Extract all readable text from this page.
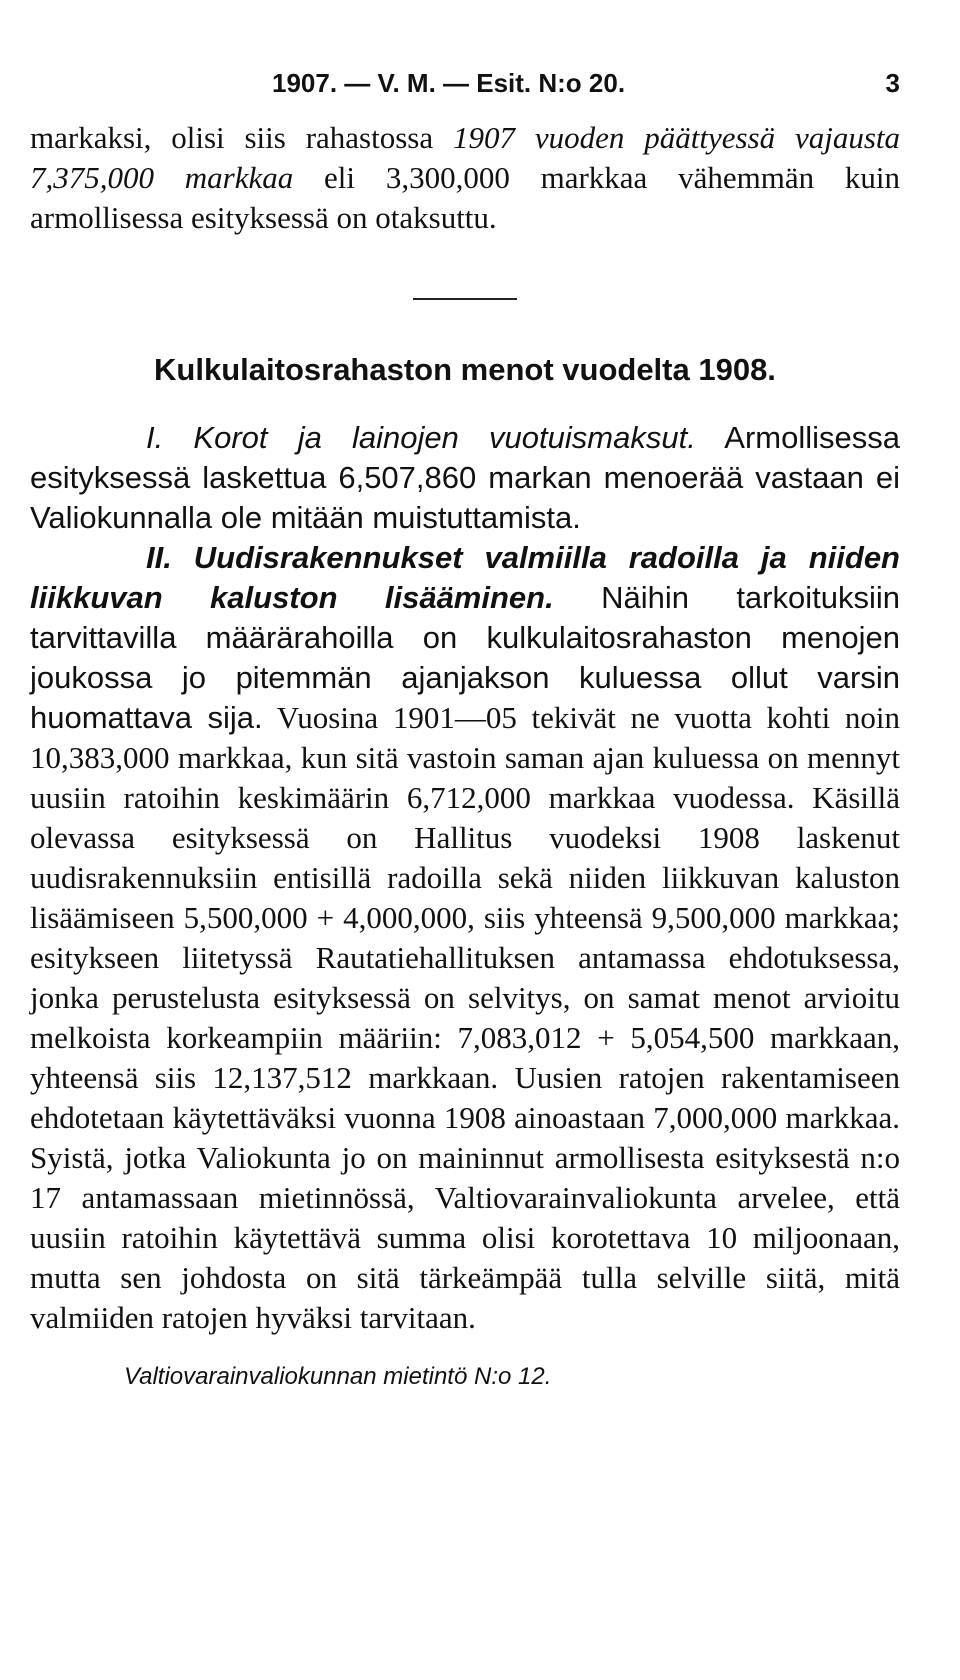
1907. — V. M. — Esit. N:o 20.	3

markaksi, olisi siis rahastossa 1907 vuoden päättyessä vajausta 7,375,000 markkaa eli 3,300,000 markkaa vähemmän kuin armollisessa esityksessä on otaksuttu.

Kulkulaitosrahaston menot vuodelta 1908.

I. Korot ja lainojen vuotuismaksut. Armollisessa esityksessä laskettua 6,507,860 markan menoerää vastaan ei Valiokunnalla ole mitään muistuttamista.

II. Uudisrakennukset valmiilla radoilla ja niiden liikkuvan kaluston lisääminen. Näihin tarkoituksiin tarvittavilla määrärahoilla on kulkulaitosrahaston menojen joukossa jo pitemmän ajanjakson kuluessa ollut varsin huomattava sija. Vuosina 1901—05 tekivät ne vuotta kohti noin 10,383,000 markkaa, kun sitä vastoin saman ajan kuluessa on mennyt uusiin ratoihin keskimäärin 6,712,000 markkaa vuodessa. Käsillä olevassa esityksessä on Hallitus vuodeksi 1908 laskenut uudisrakennuksiin entisillä radoilla sekä niiden liikkuvan kaluston lisäämiseen 5,500,000 + 4,000,000, siis yhteensä 9,500,000 markkaa; esitykseen liitetyssä Rautatiehallituksen antamassa ehdotuksessa, jonka perustelusta esityksessä on selvitys, on samat menot arvioitu melkoista korkeampiin määriin: 7,083,012 + 5,054,500 markkaan, yhteensä siis 12,137,512 markkaan. Uusien ratojen rakentamiseen ehdotetaan käytettäväksi vuonna 1908 ainoastaan 7,000,000 markkaa. Syistä, jotka Valiokunta jo on maininnut armollisesta esityksestä n:o 17 antamassaan mietinnössä, Valtiovarainvaliokunta arvelee, että uusiin ratoihin käytettävä summa olisi korotettava 10 miljoonaan, mutta sen johdosta on sitä tärkeämpää tulla selville siitä, mitä valmiiden ratojen hyväksi tarvitaan.

Valtiovarainvaliokunnan mietintö N:o 12.
